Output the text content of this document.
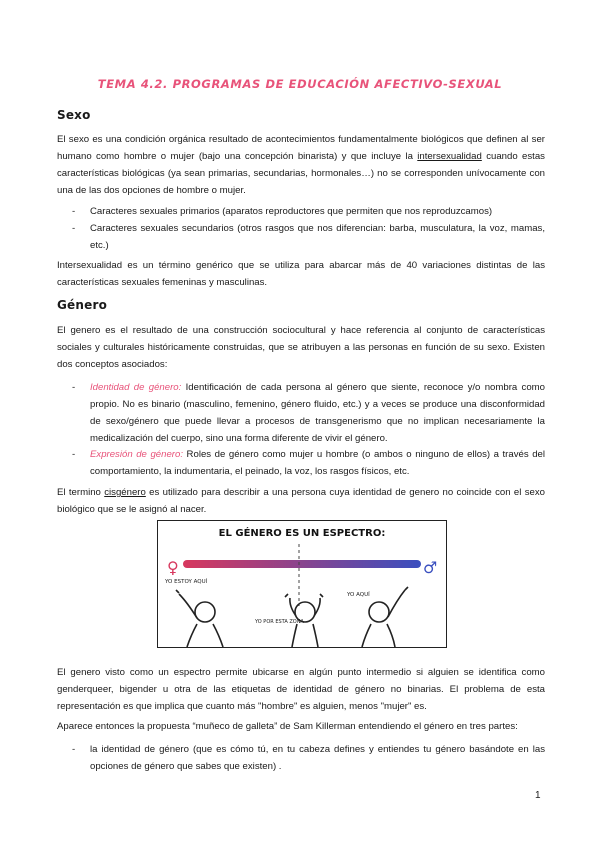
TEMA 4.2. PROGRAMAS DE EDUCACIÓN AFECTIVO-SEXUAL
Sexo

El sexo es una condición orgánica resultado de acontecimientos fundamentalmente biológicos que definen al ser humano como hombre o mujer (bajo una concepción binarista) y que incluye la intersexualidad cuando estas características biológicas (ya sean primarias, secundarias, hormonales…) no se corresponden unívocamente con una de las dos opciones de hombre o mujer.

- Caracteres sexuales primarios (aparatos reproductores que permiten que nos reproduzcamos)

- Caracteres sexuales secundarios (otros rasgos que nos diferencian: barba, musculatura, la voz, mamas, etc.)

Intersexualidad es un término genérico que se utiliza para abarcar más de 40 variaciones distintas de las características sexuales femeninas y masculinas.

Género

El genero es el resultado de una construcción sociocultural y hace referencia al conjunto de características sociales y culturales históricamente construidas, que se atribuyen a las personas en función de su sexo. Existen dos conceptos asociados:

- Identidad de género: Identificación de cada persona al género que siente, reconoce y/o nombra como propio. No es binario (masculino, femenino, género fluido, etc.) y a veces se produce una disconformidad de sexo/género que puede llevar a procesos de transgenerismo que no implican necesariamente la medicalización del cuerpo, sino una forma diferente de vivir el género.

- Expresión de género: Roles de género como mujer u hombre (o ambos o ninguno de ellos) a través del comportamiento, la indumentaria, el peinado, la voz, los rasgos físicos, etc.

El termino cisgénero es utilizado para describir a una persona cuya identidad de genero no coincide con el sexo biológico que se le asignó al nacer.

EL GÉNERO ES UN ESPECTRO:
♀	♂
YO ESTOY AQUÍ
YO POR ESTA ZONA
YO AQUÍ

El genero visto como un espectro permite ubicarse en algún punto intermedio si alguien se identifica como genderqueer, bigender u otra de las etiquetas de identidad de género no binarias. El problema de esta representación es que implica que cuanto más "hombre" es alguien, menos "mujer" es.

Aparece entonces la propuesta “muñeco de galleta” de Sam Killerman entendiendo el género en tres partes:

- la identidad de género (que es cómo tú, en tu cabeza defines y entiendes tu género basándote en las opciones de género que sabes que existen) .

1
